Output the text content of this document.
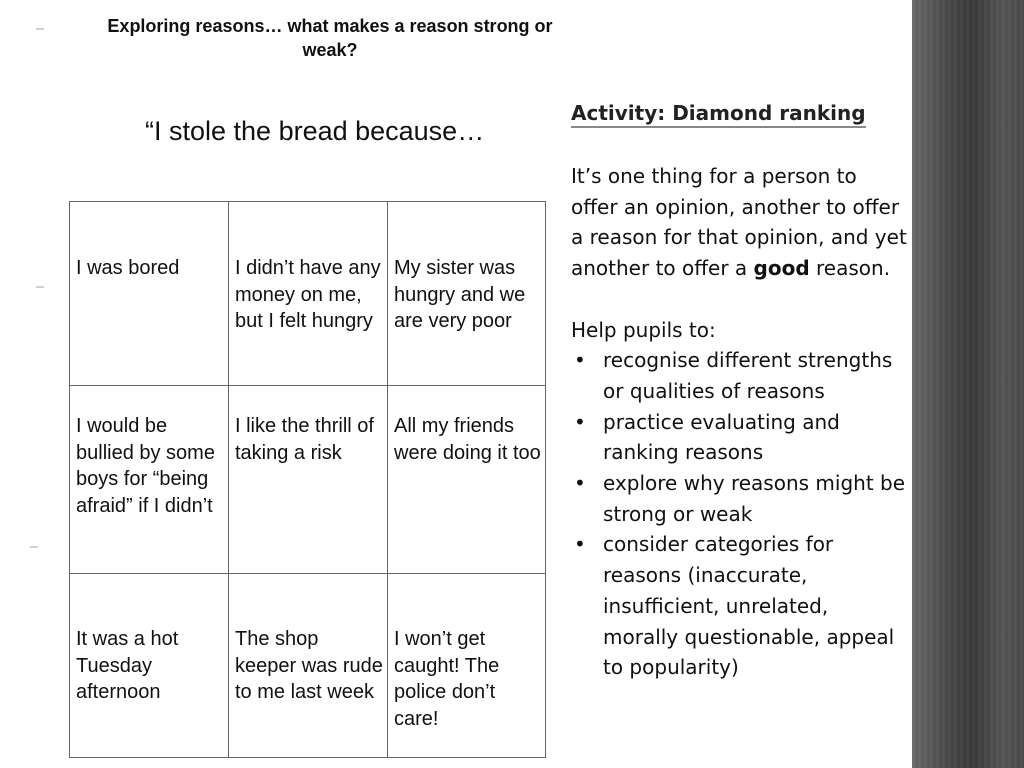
Exploring reasons… what makes a reason strong or weak?
“I stole the bread because…
I was bored	I didn’t have any money on me, but I felt hungry	My sister was hungry and we are very poor
I would be bullied by some boys for “being afraid” if I didn’t	I like the thrill of taking a risk	All my friends were doing it too
It was a hot Tuesday afternoon	The shop keeper was rude to me last week	I won’t get caught! The police don’t care!
Activity: Diamond ranking

It’s one thing for a person to offer an opinion, another to offer a reason for that opinion, and yet another to offer a good reason.

Help pupils to:

• recognise different strengths or qualities of reasons
• practice evaluating and ranking reasons
• explore why reasons might be strong or weak
• consider categories for reasons (inaccurate, insufficient, unrelated, morally questionable, appeal to popularity)
